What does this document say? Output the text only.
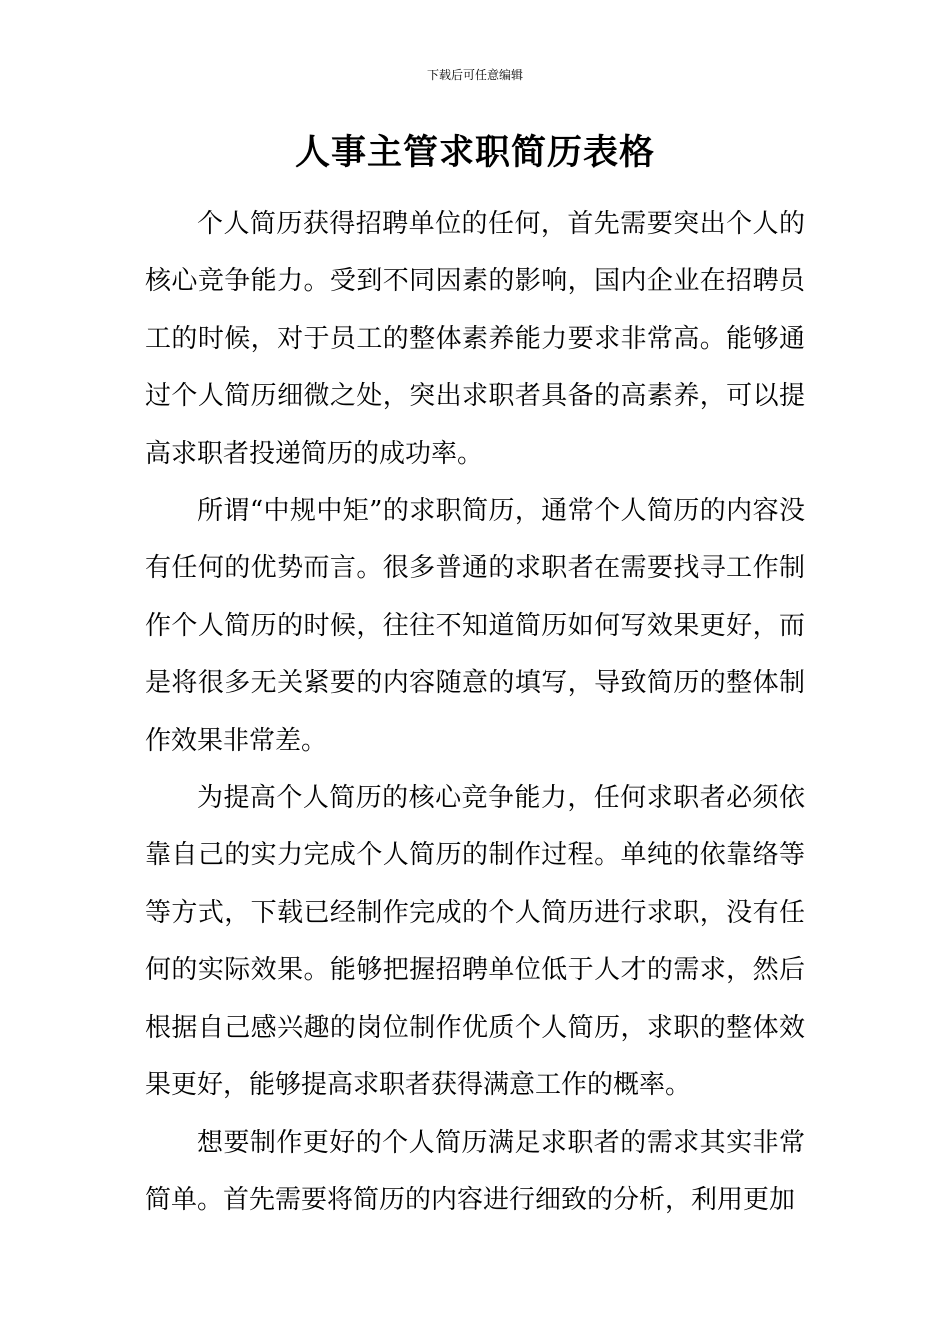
下载后可任意编辑
人事主管求职简历表格

个人简历获得招聘单位的任何，首先需要突出个人的核心竞争能力。受到不同因素的影响，国内企业在招聘员工的时候，对于员工的整体素养能力要求非常高。能够通过个人简历细微之处，突出求职者具备的高素养，可以提高求职者投递简历的成功率。

所谓“中规中矩”的求职简历，通常个人简历的内容没有任何的优势而言。很多普通的求职者在需要找寻工作制作个人简历的时候，往往不知道简历如何写效果更好，而是将很多无关紧要的内容随意的填写，导致简历的整体制作效果非常差。

为提高个人简历的核心竞争能力，任何求职者必须依靠自己的实力完成个人简历的制作过程。单纯的依靠络等等方式，下载已经制作完成的个人简历进行求职，没有任何的实际效果。能够把握招聘单位低于人才的需求，然后根据自己感兴趣的岗位制作优质个人简历，求职的整体效果更好，能够提高求职者获得满意工作的概率。

想要制作更好的个人简历满足求职者的需求其实非常简单。首先需要将简历的内容进行细致的分析，利用更加
